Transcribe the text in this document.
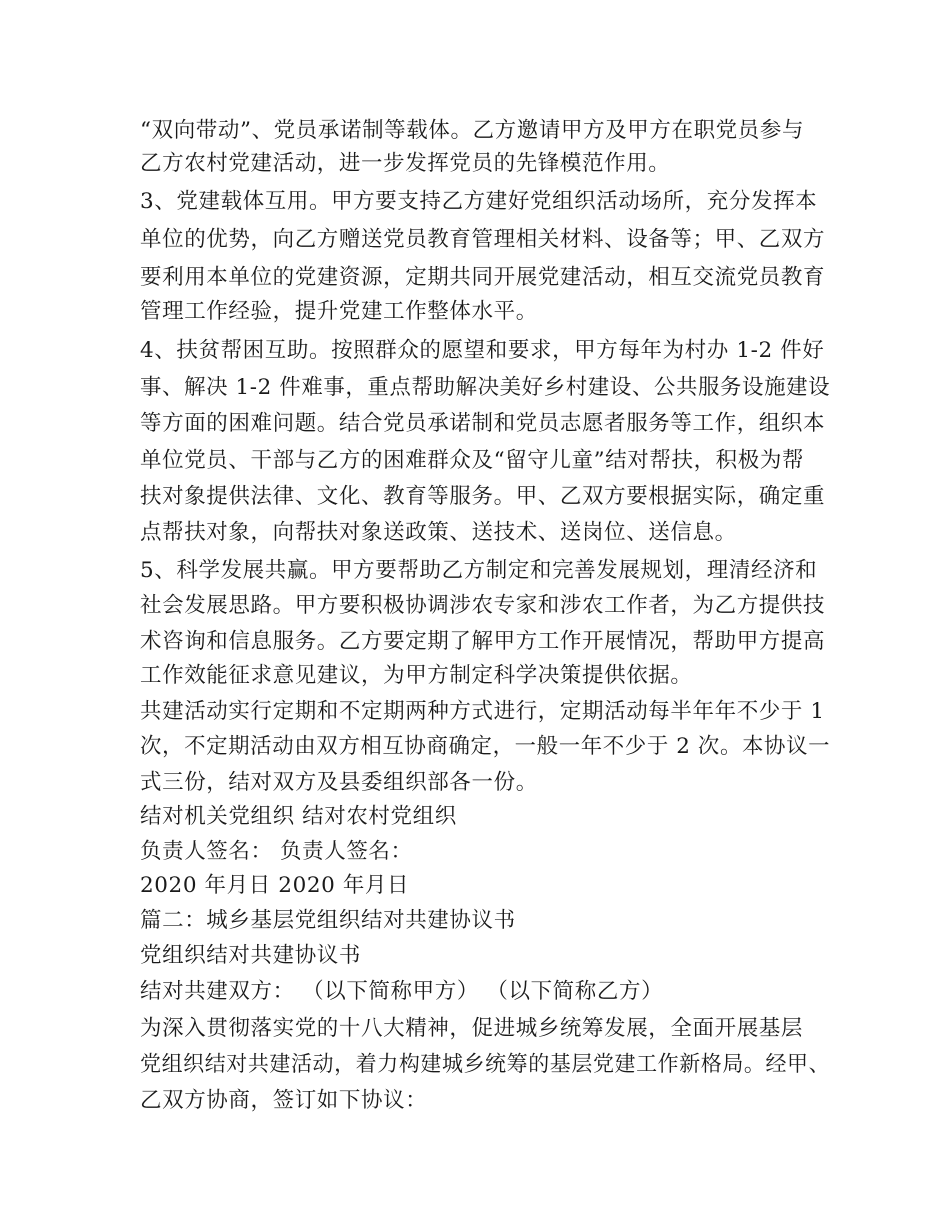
“双向带动”、党员承诺制等载体。乙方邀请甲方及甲方在职党员参与
乙方农村党建活动，进一步发挥党员的先锋模范作用。
3、党建载体互用。甲方要支持乙方建好党组织活动场所，充分发挥本
单位的优势，向乙方赠送党员教育管理相关材料、设备等；甲、乙双方
要利用本单位的党建资源，定期共同开展党建活动，相互交流党员教育
管理工作经验，提升党建工作整体水平。
4、扶贫帮困互助。按照群众的愿望和要求，甲方每年为村办 1-2 件好
事、解决 1-2 件难事，重点帮助解决美好乡村建设、公共服务设施建设
等方面的困难问题。结合党员承诺制和党员志愿者服务等工作，组织本
单位党员、干部与乙方的困难群众及“留守儿童”结对帮扶，积极为帮
扶对象提供法律、文化、教育等服务。甲、乙双方要根据实际，确定重
点帮扶对象，向帮扶对象送政策、送技术、送岗位、送信息。
5、科学发展共赢。甲方要帮助乙方制定和完善发展规划，理清经济和
社会发展思路。甲方要积极协调涉农专家和涉农工作者，为乙方提供技
术咨询和信息服务。乙方要定期了解甲方工作开展情况，帮助甲方提高
工作效能征求意见建议，为甲方制定科学决策提供依据。
共建活动实行定期和不定期两种方式进行，定期活动每半年年不少于 1
次，不定期活动由双方相互协商确定，一般一年不少于 2 次。本协议一
式三份，结对双方及县委组织部各一份。
结对机关党组织 结对农村党组织
负责人签名： 负责人签名：
2020 年月日 2020 年月日
篇二：城乡基层党组织结对共建协议书
党组织结对共建协议书
结对共建双方： （以下简称甲方） （以下简称乙方）
为深入贯彻落实党的十八大精神，促进城乡统筹发展，全面开展基层
党组织结对共建活动，着力构建城乡统筹的基层党建工作新格局。经甲、
乙双方协商，签订如下协议：
